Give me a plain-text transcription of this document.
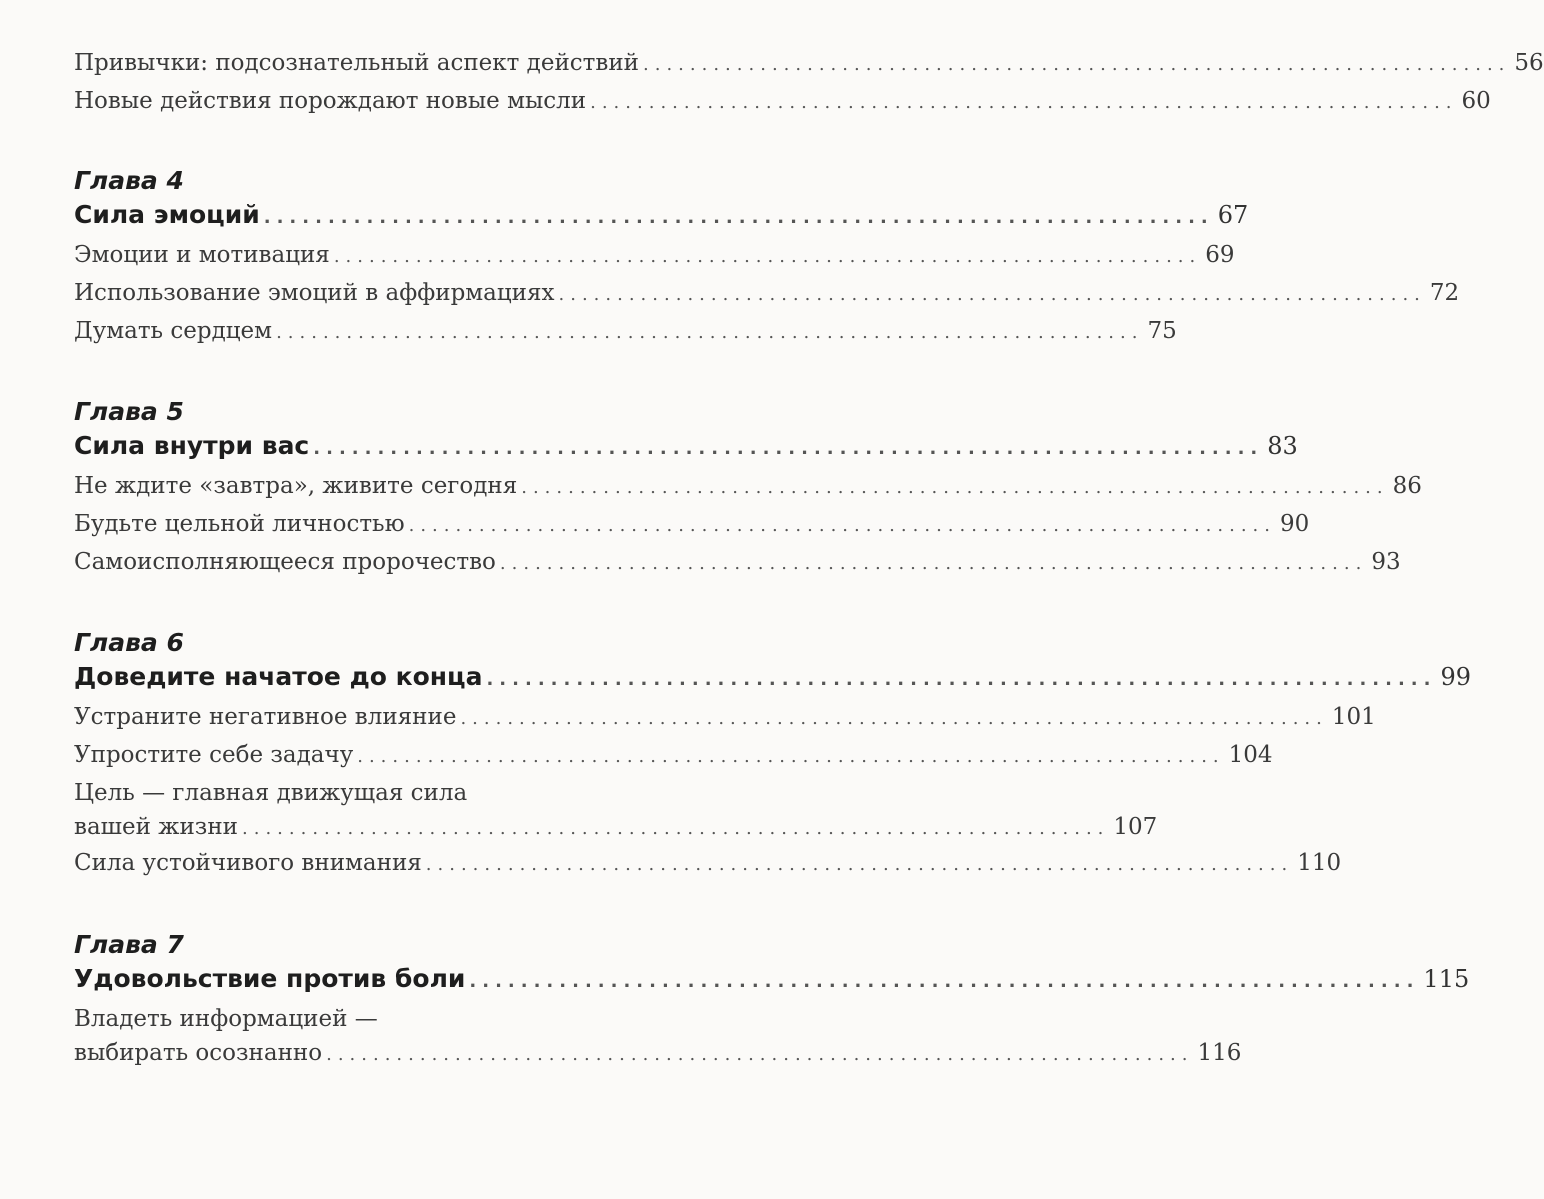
Привычки: подсознательный аспект действий .......................................................................... 56
Новые действия порождают новые мысли .......................................................................... 60
Глава 4
Сила эмоций .......................................................................... 67
Эмоции и мотивация .......................................................................... 69
Использование эмоций в аффирмациях .......................................................................... 72
Думать сердцем .......................................................................... 75
Глава 5
Сила внутри вас .......................................................................... 83
Не ждите «завтра», живите сегодня .......................................................................... 86
Будьте цельной личностью .......................................................................... 90
Самоисполняющееся пророчество .......................................................................... 93
Глава 6
Доведите начатое до конца .......................................................................... 99
Устраните негативное влияние .......................................................................... 101
Упростите себе задачу .......................................................................... 104
Цель — главная движущая сила
вашей жизни .......................................................................... 107
Сила устойчивого внимания .......................................................................... 110
Глава 7
Удовольствие против боли .......................................................................... 115
Владеть информацией —
выбирать осознанно .......................................................................... 116
